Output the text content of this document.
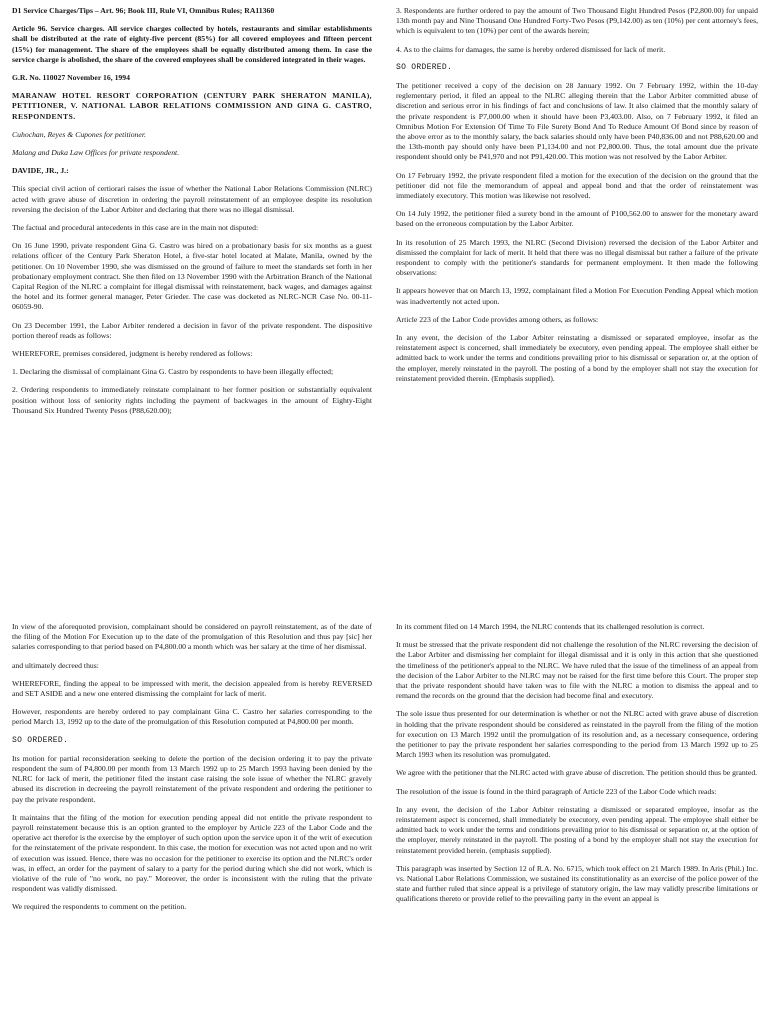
D1 Service Charges/Tips – Art. 96; Book III, Rule VI, Omnibus Rules; RA11360

Article 96. Service charges. All service charges collected by hotels, restaurants and similar establishments shall be distributed at the rate of eighty-five percent (85%) for all covered employees and fifteen percent (15%) for management. The share of the employees shall be equally distributed among them. In case the service charge is abolished, the share of the covered employees shall be considered integrated in their wages.

G.R. No. 110027 November 16, 1994

MARANAW HOTEL RESORT CORPORATION (CENTURY PARK SHERATON MANILA), PETITIONER, V. NATIONAL LABOR RELATIONS COMMISSION AND GINA G. CASTRO, RESPONDENTS.

Cuhochan, Reyes & Cupones for petitioner.

Malang and Duka Law Offices for private respondent.

DAVIDE, JR., J.:

This special civil action of certiorari raises the issue of whether the National Labor Relations Commission (NLRC) acted with grave abuse of discretion in ordering the payroll reinstatement of an employee despite its resolution reversing the decision of the Labor Arbiter and declaring that there was no illegal dismissal.

The factual and procedural antecedents in this case are in the main not disputed:

On 16 June 1990, private respondent Gina G. Castro was hired on a probationary basis for six months as a guest relations officer of the Century Park Sheraton Hotel, a five-star hotel located at Malate, Manila, owned by the petitioner. On 10 November 1990, she was dismissed on the ground of failure to meet the standards set forth in her probationary employment contract. She then filed on 13 November 1990 with the Arbitration Branch of the National Capital Region of the NLRC a complaint for illegal dismissal with reinstatement, back wages, and damages against the hotel and its former general manager, Peter Grieder. The case was docketed as NLRC-NCR Case No. 00-11-06059-90.

On 23 December 1991, the Labor Arbiter rendered a decision in favor of the private respondent. The dispositive portion thereof reads as follows:

WHEREFORE, premises considered, judgment is hereby rendered as follows:

1. Declaring the dismissal of complainant Gina G. Castro by respondents to have been illegally effected;

2. Ordering respondents to immediately reinstate complainant to her former position or substantially equivalent position without loss of seniority rights including the payment of backwages in the amount of Eighty-Eight Thousand Six Hundred Twenty Pesos (P88,620.00);

3. Respondents are further ordered to pay the amount of Two Thousand Eight Hundred Pesos (P2,800.00) for unpaid 13th month pay and Nine Thousand One Hundred Forty-Two Pesos (P9,142.00) as ten (10%) per cent attorney's fees, which is equivalent to ten (10%) per cent of the awards herein;

4. As to the claims for damages, the same is hereby ordered dismissed for lack of merit.

SO ORDERED.

The petitioner received a copy of the decision on 28 January 1992. On 7 February 1992, within the 10-day reglementary period, it filed an appeal to the NLRC alleging therein that the Labor Arbiter committed abuse of discretion and serious error in his findings of fact and conclusions of law. It also claimed that the monthly salary of the private respondent is P7,000.00 when it should have been P3,403.00. Also, on 7 February 1992, it filed an Omnibus Motion For Extension Of Time To File Surety Bond And To Reduce Amount Of Bond since by reason of the above error as to the monthly salary, the back salaries should only have been P40,836.00 and not P88,620.00 and the 13th-month pay should only have been P1,134.00 and not P2,800.00. Thus, the total amount due the private respondent should only be P41,970 and not P91,420.00. This motion was not resolved by the Labor Arbiter.

On 17 February 1992, the private respondent filed a motion for the execution of the decision on the ground that the petitioner did not file the memorandum of appeal and appeal bond and that the order of reinstatement was immediately executory. This motion was likewise not resolved.

On 14 July 1992, the petitioner filed a surety bond in the amount of P100,562.00 to answer for the monetary award based on the erroneous computation by the Labor Arbiter.

In its resolution of 25 March 1993, the NLRC (Second Division) reversed the decision of the Labor Arbiter and dismissed the complaint for lack of merit. It held that there was no illegal dismissal but rather a failure of the private respondent to comply with the petitioner's standards for permanent employment. It then made the following observations:

It appears however that on March 13, 1992, complainant filed a Motion For Execution Pending Appeal which motion was inadvertently not acted upon.

Article 223 of the Labor Code provides among others, as follows:

In any event, the decision of the Labor Arbiter reinstating a dismissed or separated employee, insofar as the reinstatement aspect is concerned, shall immediately be executory, even pending appeal. The employee shall either be admitted back to work under the terms and conditions prevailing prior to his dismissal or separation or, at the option of the employer, merely reinstated in the payroll. The posting of a bond by the employer shall not stay the execution for reinstatement provided therein. (Emphasis supplied).

In view of the aforequoted provision, complainant should be considered on payroll reinstatement, as of the date of the filing of the Motion For Execution up to the date of the promulgation of this Resolution and thus pay [sic] her salaries corresponding to that period based on P4,800.00 a month which was her salary at the time of her dismissal.

and ultimately decreed thus:

WHEREFORE, finding the appeal to be impressed with merit, the decision appealed from is hereby REVERSED and SET ASIDE and a new one entered dismissing the complaint for lack of merit.

However, respondents are hereby ordered to pay complainant Gina C. Castro her salaries corresponding to the period March 13, 1992 up to the date of the promulgation of this Resolution computed at P4,800.00 per month.

SO ORDERED.

Its motion for partial reconsideration seeking to delete the portion of the decision ordering it to pay the private respondent the sum of P4,800.00 per month from 13 March 1992 up to 25 March 1993 having been denied by the NLRC for lack of merit, the petitioner filed the instant case raising the sole issue of whether the NLRC gravely abused its discretion in decreeing the payroll reinstatement of the private respondent and ordering the petitioner to pay the private respondent.

It maintains that the filing of the motion for execution pending appeal did not entitle the private respondent to payroll reinstatement because this is an option granted to the employer by Article 223 of the Labor Code and the operative act therefor is the exercise by the employer of such option upon the service upon it of the writ of execution for the reinstatement of the private respondent. In this case, the motion for execution was not acted upon and no writ of execution was issued. Hence, there was no occasion for the petitioner to exercise its option and the NLRC's order was, in effect, an order for the payment of salary to a party for the period during which she did not work, which is violative of the rule of "no work, no pay." Moreover, the order is inconsistent with the ruling that the private respondent was validly dismissed.

We required the respondents to comment on the petition.

In its comment filed on 14 March 1994, the NLRC contends that its challenged resolution is correct.

It must be stressed that the private respondent did not challenge the resolution of the NLRC reversing the decision of the Labor Arbiter and dismissing her complaint for illegal dismissal and it is only in this action that she questioned the timeliness of the petitioner's appeal to the NLRC. We have ruled that the issue of the timeliness of an appeal from the decision of the Labor Arbiter to the NLRC may not be raised for the first time before this Court. The proper step that the private respondent should have taken was to file with the NLRC a motion to dismiss the appeal and to remand the records on the ground that the decision had become final and executory.

The sole issue thus presented for our determination is whether or not the NLRC acted with grave abuse of discretion in holding that the private respondent should be considered as reinstated in the payroll from the filing of the motion for execution on 13 March 1992 until the promulgation of its resolution and, as a necessary consequence, ordering the petitioner to pay the private respondent her salaries corresponding to the period from 13 March 1992 up to 25 March 1993 when its resolution was promulgated.

We agree with the petitioner that the NLRC acted with grave abuse of discretion. The petition should thus be granted.

The resolution of the issue is found in the third paragraph of Article 223 of the Labor Code which reads:

In any event, the decision of the Labor Arbiter reinstating a dismissed or separated employee, insofar as the reinstatement aspect is concerned, shall immediately be executory, even pending appeal. The employee shall either be admitted back to work under the terms and conditions prevailing prior to his dismissal or separation or, at the option of the employer, merely reinstated in the payroll. The posting of a bond by the employer shall not stay the execution for reinstatement provided herein. (emphasis supplied).

This paragraph was inserted by Section 12 of R.A. No. 6715, which took effect on 21 March 1989. In Aris (Phil.) Inc. vs. National Labor Relations Commission, we sustained its constitutionality as an exercise of the police power of the state and further ruled that since appeal is a privilege of statutory origin, the law may validly prescribe limitations or qualifications thereto or provide relief to the prevailing party in the event an appeal is
